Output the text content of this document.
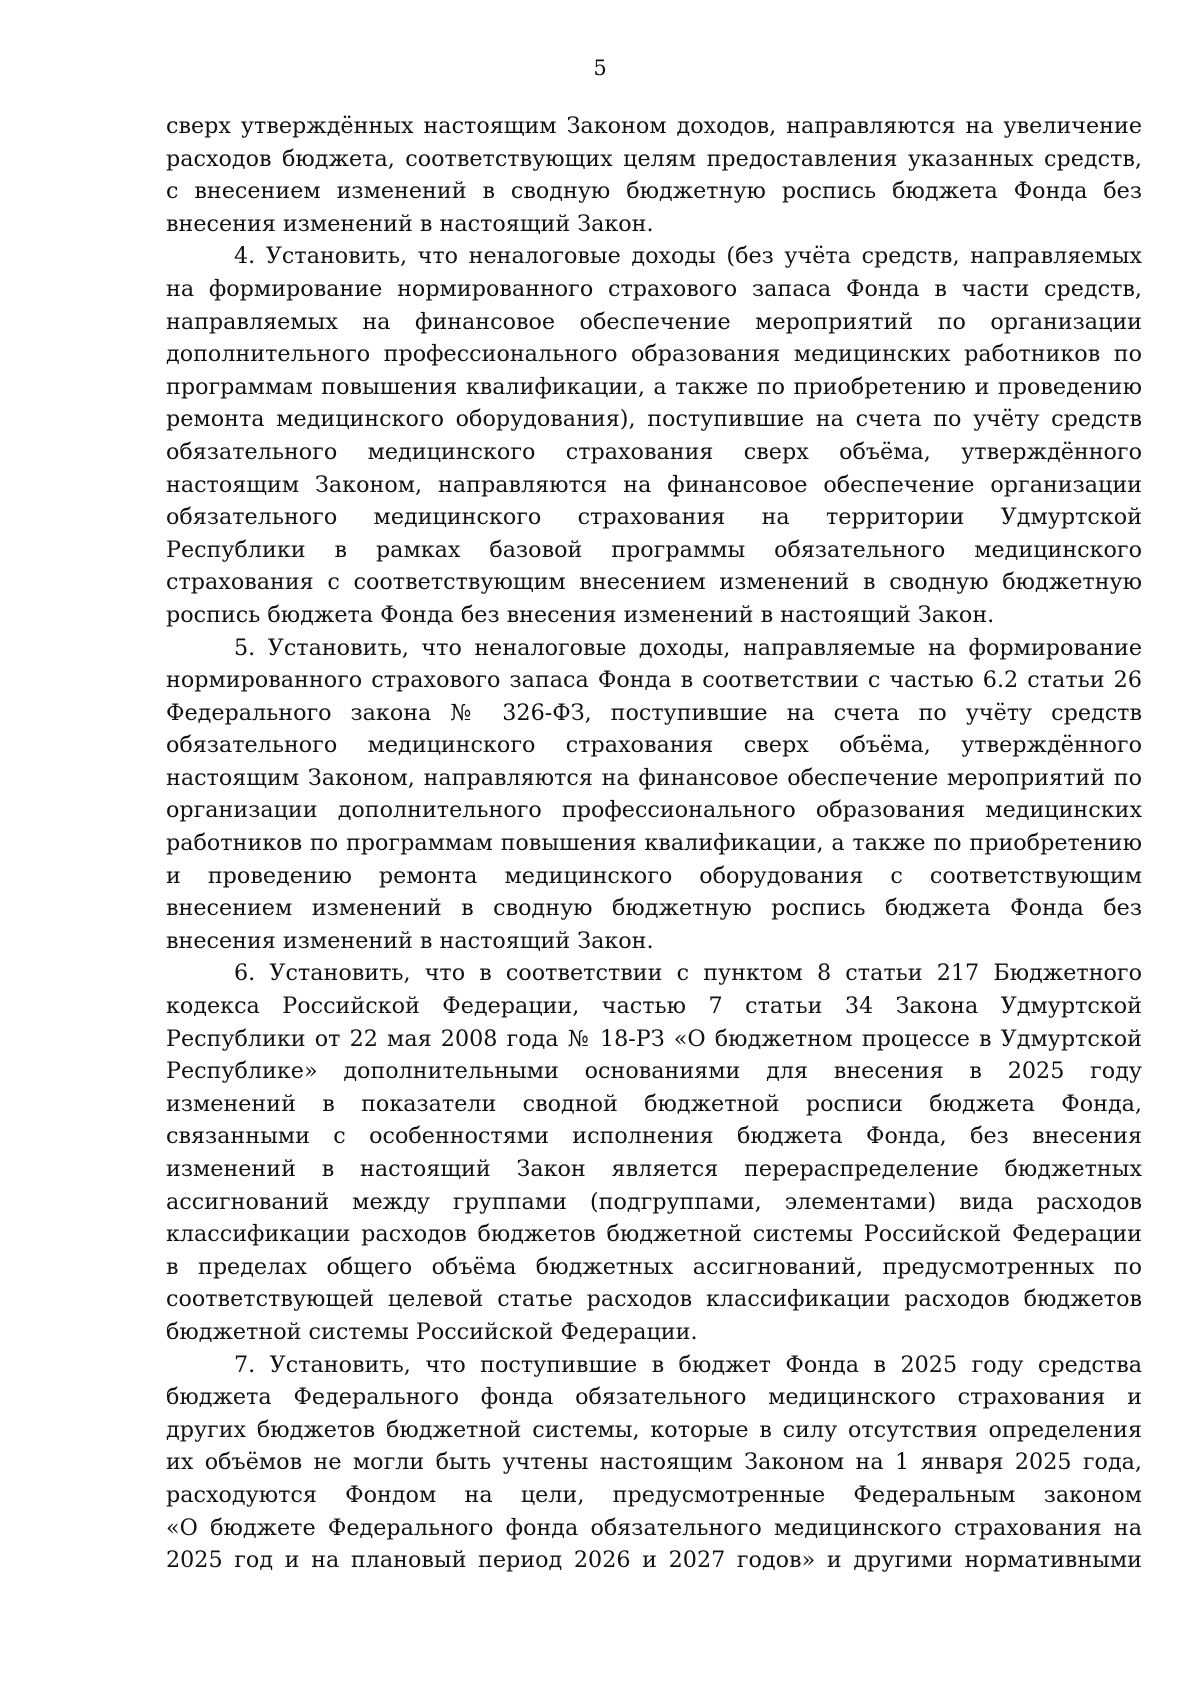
5
сверх утверждённых настоящим Законом доходов, направляются на увеличение
расходов бюджета, соответствующих целям предоставления указанных средств,
с внесением изменений в сводную бюджетную роспись бюджета Фонда без
внесения изменений в настоящий Закон.
4. Установить, что неналоговые доходы (без учёта средств, направляемых
на формирование нормированного страхового запаса Фонда в части средств,
направляемых на финансовое обеспечение мероприятий по организации
дополнительного профессионального образования медицинских работников по
программам повышения квалификации, а также по приобретению и проведению
ремонта медицинского оборудования), поступившие на счета по учёту средств
обязательного медицинского страхования сверх объёма, утверждённого
настоящим Законом, направляются на финансовое обеспечение организации
обязательного медицинского страхования на территории Удмуртской
Республики в рамках базовой программы обязательного медицинского
страхования с соответствующим внесением изменений в сводную бюджетную
роспись бюджета Фонда без внесения изменений в настоящий Закон.
5. Установить, что неналоговые доходы, направляемые на формирование
нормированного страхового запаса Фонда в соответствии с частью 6.2 статьи 26
Федерального закона № 326-ФЗ, поступившие на счета по учёту средств
обязательного медицинского страхования сверх объёма, утверждённого
настоящим Законом, направляются на финансовое обеспечение мероприятий по
организации дополнительного профессионального образования медицинских
работников по программам повышения квалификации, а также по приобретению
и проведению ремонта медицинского оборудования с соответствующим
внесением изменений в сводную бюджетную роспись бюджета Фонда без
внесения изменений в настоящий Закон.
6. Установить, что в соответствии с пунктом 8 статьи 217 Бюджетного
кодекса Российской Федерации, частью 7 статьи 34 Закона Удмуртской
Республики от 22 мая 2008 года № 18-РЗ «О бюджетном процессе в Удмуртской
Республике» дополнительными основаниями для внесения в 2025 году
изменений в показатели сводной бюджетной росписи бюджета Фонда,
связанными с особенностями исполнения бюджета Фонда, без внесения
изменений в настоящий Закон является перераспределение бюджетных
ассигнований между группами (подгруппами, элементами) вида расходов
классификации расходов бюджетов бюджетной системы Российской Федерации
в пределах общего объёма бюджетных ассигнований, предусмотренных по
соответствующей целевой статье расходов классификации расходов бюджетов
бюджетной системы Российской Федерации.
7. Установить, что поступившие в бюджет Фонда в 2025 году средства
бюджета Федерального фонда обязательного медицинского страхования и
других бюджетов бюджетной системы, которые в силу отсутствия определения
их объёмов не могли быть учтены настоящим Законом на 1 января 2025 года,
расходуются Фондом на цели, предусмотренные Федеральным законом
«О бюджете Федерального фонда обязательного медицинского страхования на
2025 год и на плановый период 2026 и 2027 годов» и другими нормативными
